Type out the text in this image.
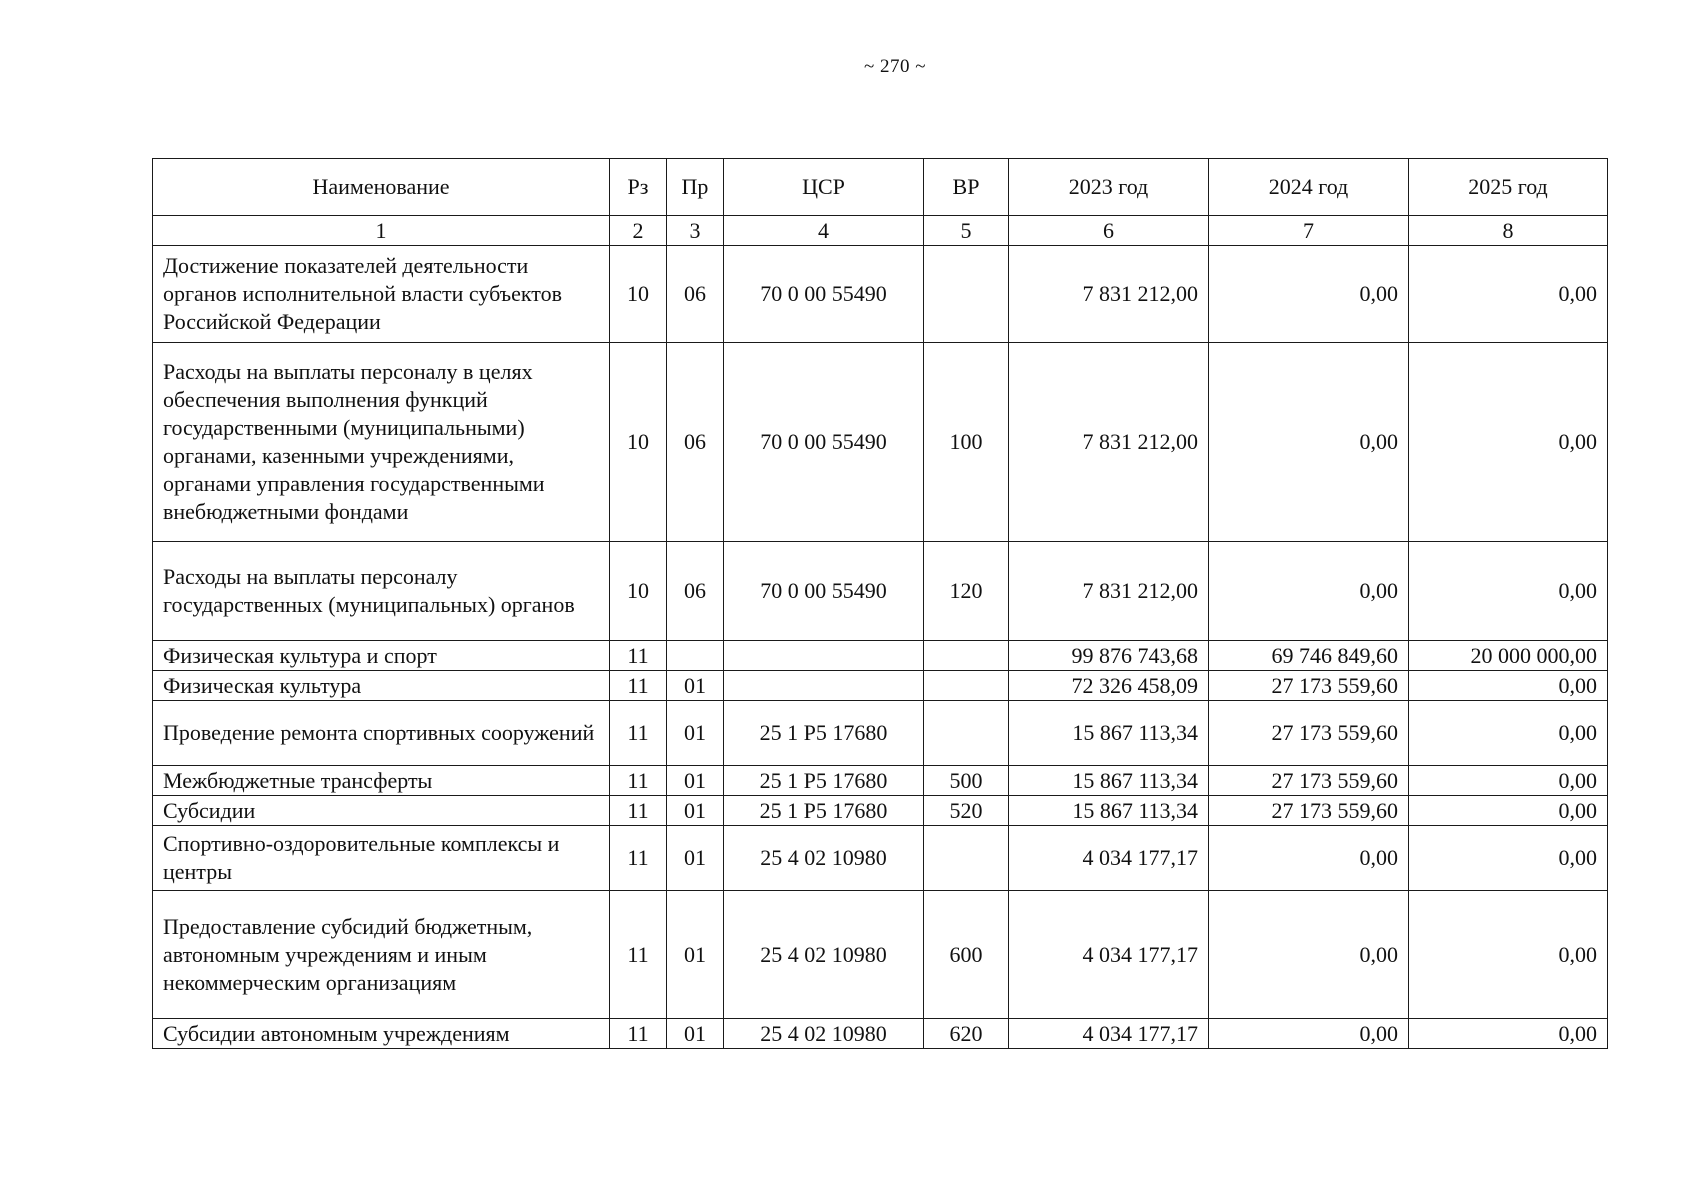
~ 270 ~
Наименование	Рз	Пр	ЦСР	ВР	2023 год	2024 год	2025 год
1	2	3	4	5	6	7	8
Достижение показателей деятельности органов исполнительной власти субъектов Российской Федерации	10	06	70 0 00 55490		7 831 212,00	0,00	0,00
Расходы на выплаты персоналу в целях обеспечения выполнения функций государственными (муниципальными) органами, казенными учреждениями, органами управления государственными внебюджетными фондами	10	06	70 0 00 55490	100	7 831 212,00	0,00	0,00
Расходы на выплаты персоналу государственных (муниципальных) органов	10	06	70 0 00 55490	120	7 831 212,00	0,00	0,00
Физическая культура и спорт	11				99 876 743,68	69 746 849,60	20 000 000,00
Физическая культура	11	01			72 326 458,09	27 173 559,60	0,00
Проведение ремонта спортивных сооружений	11	01	25 1 P5 17680		15 867 113,34	27 173 559,60	0,00
Межбюджетные трансферты	11	01	25 1 P5 17680	500	15 867 113,34	27 173 559,60	0,00
Субсидии	11	01	25 1 P5 17680	520	15 867 113,34	27 173 559,60	0,00
Спортивно-оздоровительные комплексы и центры	11	01	25 4 02 10980		4 034 177,17	0,00	0,00
Предоставление субсидий бюджетным, автономным учреждениям и иным некоммерческим организациям	11	01	25 4 02 10980	600	4 034 177,17	0,00	0,00
Субсидии автономным учреждениям	11	01	25 4 02 10980	620	4 034 177,17	0,00	0,00
